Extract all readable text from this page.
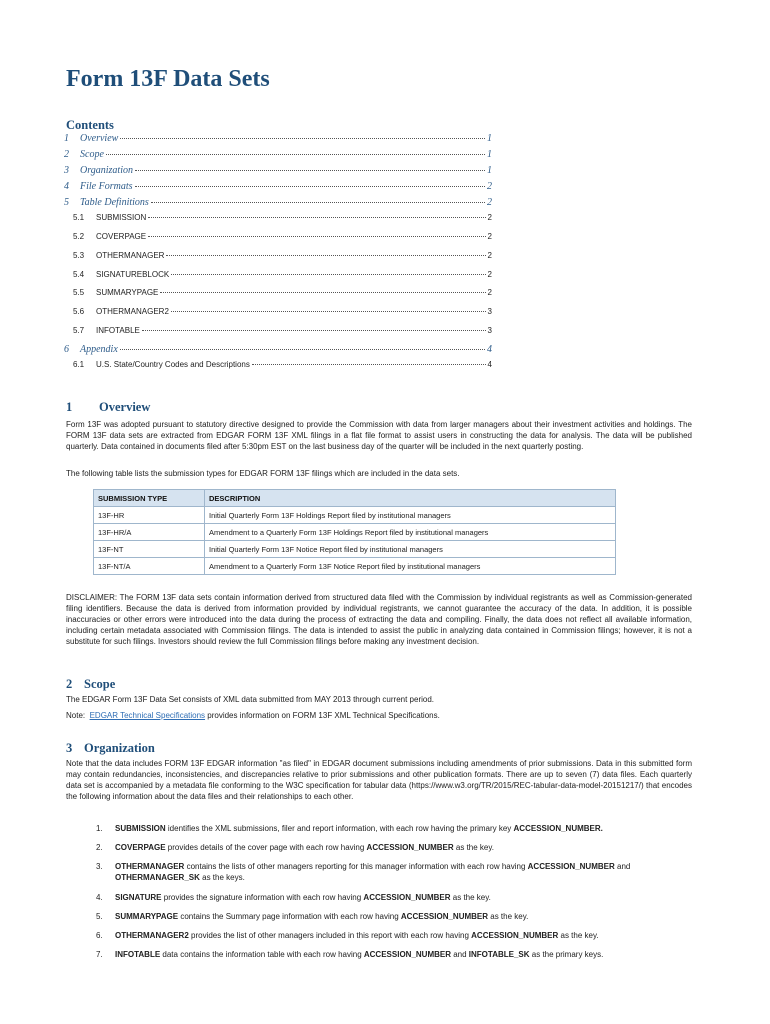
Form 13F Data Sets
Contents
1	Overview	1
2	Scope	1
3	Organization	1
4	File Formats	2
5	Table Definitions	2
5.1	SUBMISSION	2
5.2	COVERPAGE	2
5.3	OTHERMANAGER	2
5.4	SIGNATUREBLOCK	2
5.5	SUMMARYPAGE	2
5.6	OTHERMANAGER2	3
5.7	INFOTABLE	3
6	Appendix	4
6.1	U.S. State/Country Codes and Descriptions	4
1 Overview
Form 13F was adopted pursuant to statutory directive designed to provide the Commission with data from larger managers about their investment activities and holdings. The FORM 13F data sets are extracted from EDGAR FORM 13F XML filings in a flat file format to assist users in constructing the data for analysis. The data will be published quarterly. Data contained in documents filed after 5:30pm EST on the last business day of the quarter will be included in the next quarterly posting.
The following table lists the submission types for EDGAR FORM 13F filings which are included in the data sets.
SUBMISSION TYPE	DESCRIPTION
13F-HR	Initial Quarterly Form 13F Holdings Report filed by institutional managers
13F-HR/A	Amendment to a Quarterly Form 13F Holdings Report filed by institutional managers
13F-NT	Initial Quarterly Form 13F Notice Report filed by institutional managers
13F-NT/A	Amendment to a Quarterly Form 13F Notice Report filed by institutional managers
DISCLAIMER: The FORM 13F data sets contain information derived from structured data filed with the Commission by individual registrants as well as Commission-generated filing identifiers. Because the data is derived from information provided by individual registrants, we cannot guarantee the accuracy of the data. In addition, it is possible inaccuracies or other errors were introduced into the data during the process of extracting the data and compiling. Finally, the data does not reflect all available information, including certain metadata associated with Commission filings. The data is intended to assist the public in analyzing data contained in Commission filings; however, it is not a substitute for such filings. Investors should review the full Commission filings before making any investment decision.
2 Scope
The EDGAR Form 13F Data Set consists of XML data submitted from MAY 2013 through current period.
Note:  EDGAR Technical Specifications provides information on FORM 13F XML Technical Specifications.
3 Organization
Note that the data includes FORM 13F EDGAR information "as filed" in EDGAR document submissions including amendments of prior submissions. Data in this submitted form may contain redundancies, inconsistencies, and discrepancies relative to prior submissions and other publication formats. There are up to seven (7) data files. Each quarterly data set is accompanied by a metadata file conforming to the W3C specification for tabular data (https://www.w3.org/TR/2015/REC-tabular-data-model-20151217/) that encodes the following information about the data files and their relationships to each other.
1.	SUBMISSION identifies the XML submissions, filer and report information, with each row having the primary key ACCESSION_NUMBER.
2.	COVERPAGE provides details of the cover page with each row having ACCESSION_NUMBER as the key.
3.	OTHERMANAGER contains the lists of other managers reporting for this manager information with each row having ACCESSION_NUMBER and OTHERMANAGER_SK as the keys.
4.	SIGNATURE provides the signature information with each row having ACCESSION_NUMBER as the key.
5.	SUMMARYPAGE contains the Summary page information with each row having ACCESSION_NUMBER as the key.
6.	OTHERMANAGER2 provides the list of other managers included in this report with each row having ACCESSION_NUMBER as the key.
7.	INFOTABLE data contains the information table with each row having ACCESSION_NUMBER and INFOTABLE_SK as the primary keys.
